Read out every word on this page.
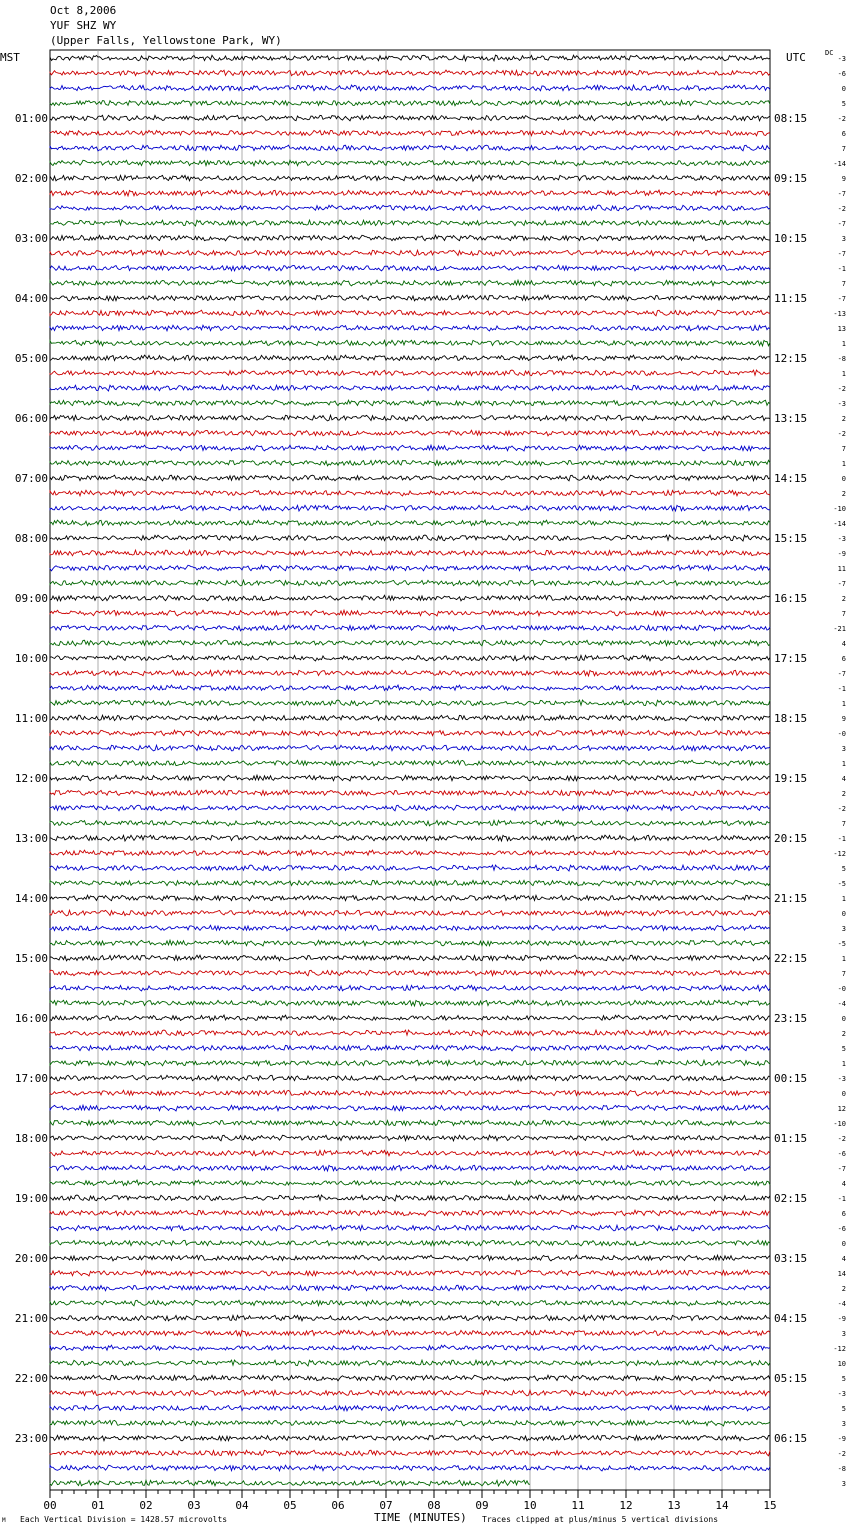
Oct 8,2006
YUF SHZ WY
(Upper Falls, Yellowstone Park, WY)
MST	UTC	DC
-3
-6
0
5
-2
6
7
-14
9
-7
-2
-7
3
-7
-1
7
-7
-13
13
1
-8
1
-2
-3
2
-2
7
1
0
2
-10
-14
-3
-9
11
-7
2
7
-21
4
6
-7
-1
1
9
-0
3
1
4
2
-2
7
-1
-12
5
-5
1
0
3
-5
1
7
-0
-4
0
2
5
1
-3
0
12
-10
-2
-6
-7
4
-1
6
-6
0
4
14
2
-4
-9
3
-12
10
5
-3
5
3
-9
-2
-8
3
01:00	08:15
02:00	09:15
03:00	10:15
04:00	11:15
05:00	12:15
06:00	13:15
07:00	14:15
08:00	15:15
09:00	16:15
10:00	17:15
11:00	18:15
12:00	19:15
13:00	20:15
14:00	21:15
15:00	22:15
16:00	23:15
17:00	00:15
18:00	01:15
19:00	02:15
20:00	03:15
21:00	04:15
22:00	05:15
23:00	06:15
00	01	02	03	04	05	06	07	08	09	10	11	12	13	14	15
TIME (MINUTES)
Each Vertical Division = 1428.57 microvolts	Traces clipped at plus/minus 5 vertical divisions
M
